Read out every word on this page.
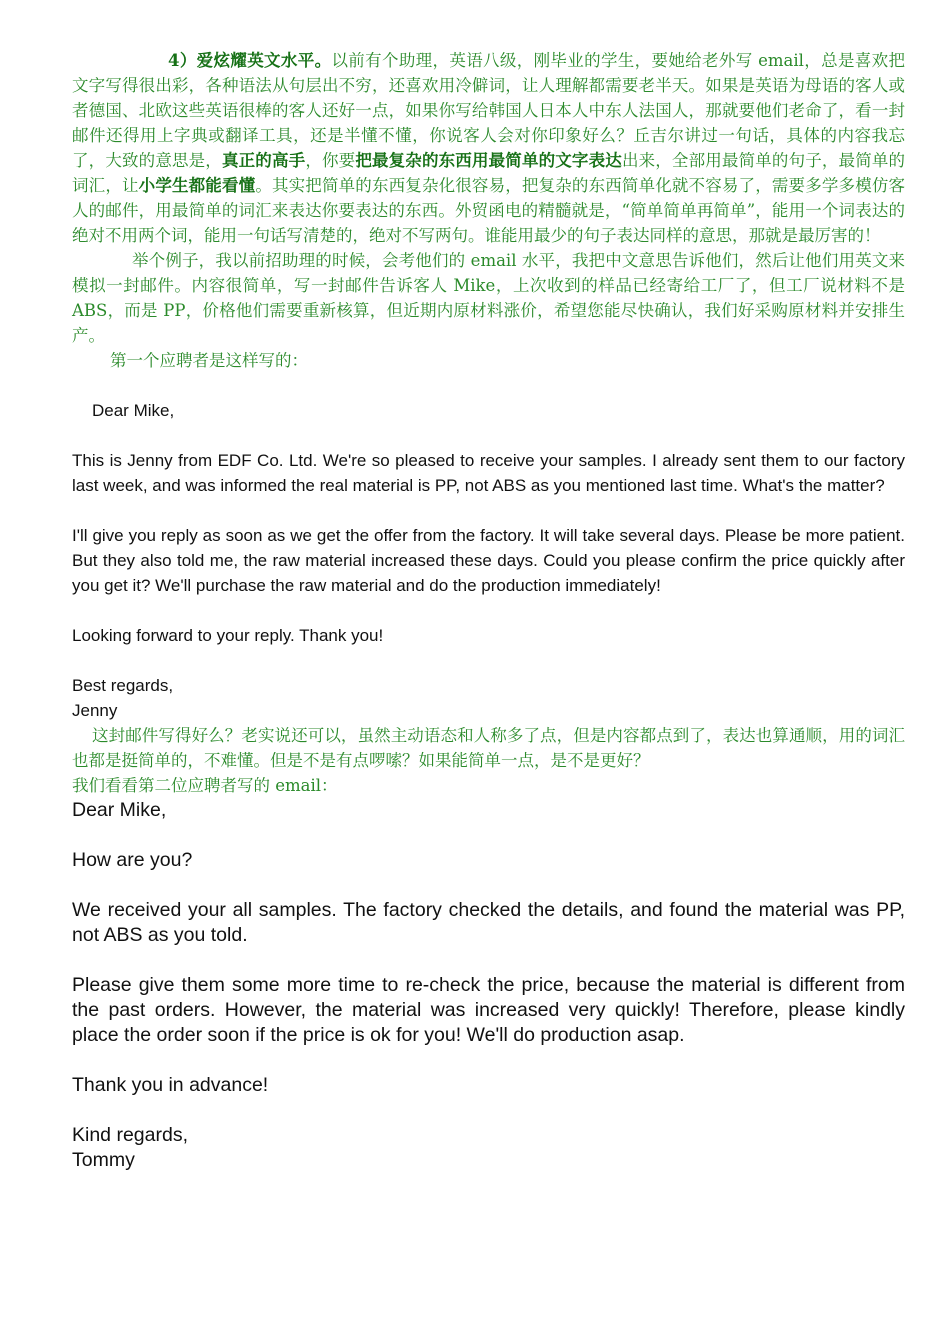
4）爱炫耀英文水平。以前有个助理，英语八级，刚毕业的学生，要她给老外写 email，总是喜欢把文字写得很出彩，各种语法从句层出不穷，还喜欢用冷僻词，让人理解都需要老半天。如果是英语为母语的客人或者德国、北欧这些英语很棒的客人还好一点，如果你写给韩国人日本人中东人法国人，那就要他们老命了，看一封邮件还得用上字典或翻译工具，还是半懂不懂，你说客人会对你印象好么？丘吉尔讲过一句话，具体的内容我忘了，大致的意思是，真正的高手，你要把最复杂的东西用最简单的文字表达出来，全部用最简单的句子，最简单的词汇，让小学生都能看懂。其实把简单的东西复杂化很容易，把复杂的东西简单化就不容易了，需要多学多模仿客人的邮件，用最简单的词汇来表达你要表达的东西。外贸函电的精髓就是，“简单简单再简单”，能用一个词表达的绝对不用两个词，能用一句话写清楚的，绝对不写两句。谁能用最少的句子表达同样的意思，那就是最厉害的！

举个例子，我以前招助理的时候，会考他们的 email 水平，我把中文意思告诉他们，然后让他们用英文来模拟一封邮件。内容很简单，写一封邮件告诉客人 Mike，上次收到的样品已经寄给工厂了，但工厂说材料不是 ABS，而是 PP，价格他们需要重新核算，但近期内原材料涨价，希望您能尽快确认，我们好采购原材料并安排生产。

第一个应聘者是这样写的：

Dear Mike,

This is Jenny from EDF Co. Ltd. We're so pleased to receive your samples. I already sent them to our factory last week, and was informed the real material is PP, not ABS as you mentioned last time. What's the matter?

I'll give you reply as soon as we get the offer from the factory. It will take several days. Please be more patient. But they also told me, the raw material increased these days. Could you please confirm the price quickly after you get it? We'll purchase the raw material and do the production immediately!

Looking forward to your reply. Thank you!

Best regards,

Jenny

这封邮件写得好么？老实说还可以，虽然主动语态和人称多了点，但是内容都点到了，表达也算通顺，用的词汇也都是挺简单的，不难懂。但是不是有点啰嗦？如果能简单一点，是不是更好？

我们看看第二位应聘者写的 email：

Dear Mike,

How are you?

We received your all samples. The factory checked the details, and found the material was PP, not ABS as you told.

Please give them some more time to re-check the price, because the material is different from the past orders. However, the material was increased very quickly! Therefore, please kindly place the order soon if the price is ok for you! We'll do production asap.

Thank you in advance!

Kind regards,

Tommy
